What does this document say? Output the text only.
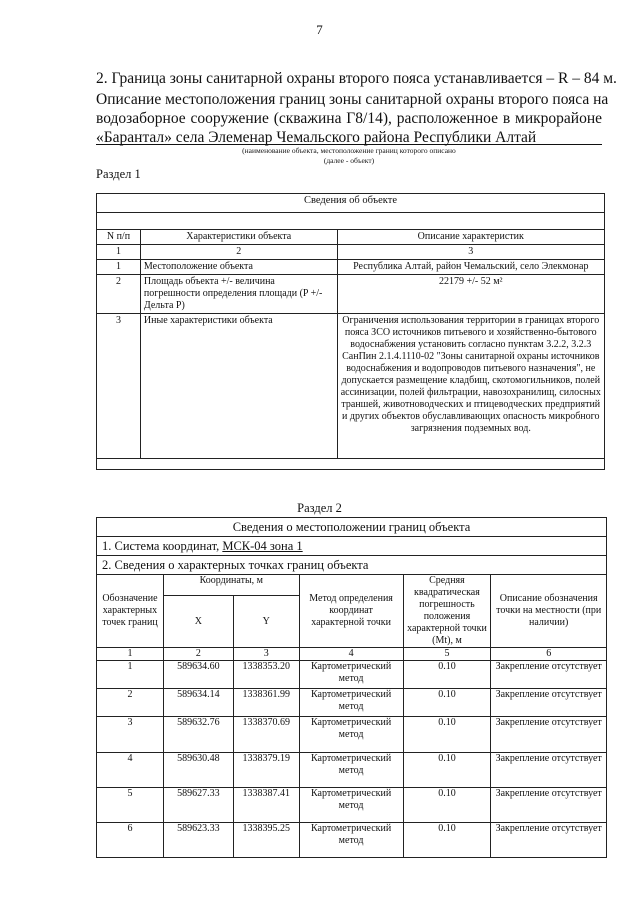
7
2. Граница зоны санитарной охраны второго пояса устанавливается – R – 84 м.
Описание местоположения границ зоны санитарной охраны второго пояса на
водозаборное сооружение (скважина Г8/14), расположенное в микрорайоне
«Барантал» села Элеменар Чемальского района Республики Алтай
(наименование объекта, местоположение границ которого описано
(далее - объект)
Раздел 1
Сведения об объекте
N п/п	Характеристики объекта	Описание характеристик
1	2	3
1	Местоположение объекта	Республика Алтай, район Чемальский, село Элекмонар
2	Площадь объекта +/- величина погрешности определения площади (P +/- Дельта P)	22179 +/- 52 м²
3	Иные характеристики объекта	Ограничения использования территории в границах второго пояса ЗСО источников питьевого и хозяйственно-бытового водоснабжения установить согласно пунктам 3.2.2, 3.2.3 СанПин 2.1.4.1110-02 "Зоны санитарной охраны источников водоснабжения и водопроводов питьевого назначения", не допускается размещение кладбищ, скотомогильников, полей ассинизации, полей фильтрации, навозохранилищ, силосных траншей, животноводческих и птицеводческих предприятий и других объектов обуславливающих опасность микробного загрязнения подземных вод.
Раздел 2
Сведения о местоположении границ объекта					
1. Система координат, МСК-04 зона 1					
2. Сведения о характерных точках границ объекта					
Обозначение характерных точек границ	Координаты, м		Метод определения координат характерной точки	Средняя квадратическая погрешность положения характерной точки (Mt), м	Описание обозначения точки на местности (при наличии)
	X	Y			
1	2	3	4	5	6
1	589634.60	1338353.20	Картометрический метод	0.10	Закрепление отсутствует
2	589634.14	1338361.99	Картометрический метод	0.10	Закрепление отсутствует
3	589632.76	1338370.69	Картометрический метод	0.10	Закрепление отсутствует
4	589630.48	1338379.19	Картометрический метод	0.10	Закрепление отсутствует
5	589627.33	1338387.41	Картометрический метод	0.10	Закрепление отсутствует
6	589623.33	1338395.25	Картометрический метод	0.10	Закрепление отсутствует
